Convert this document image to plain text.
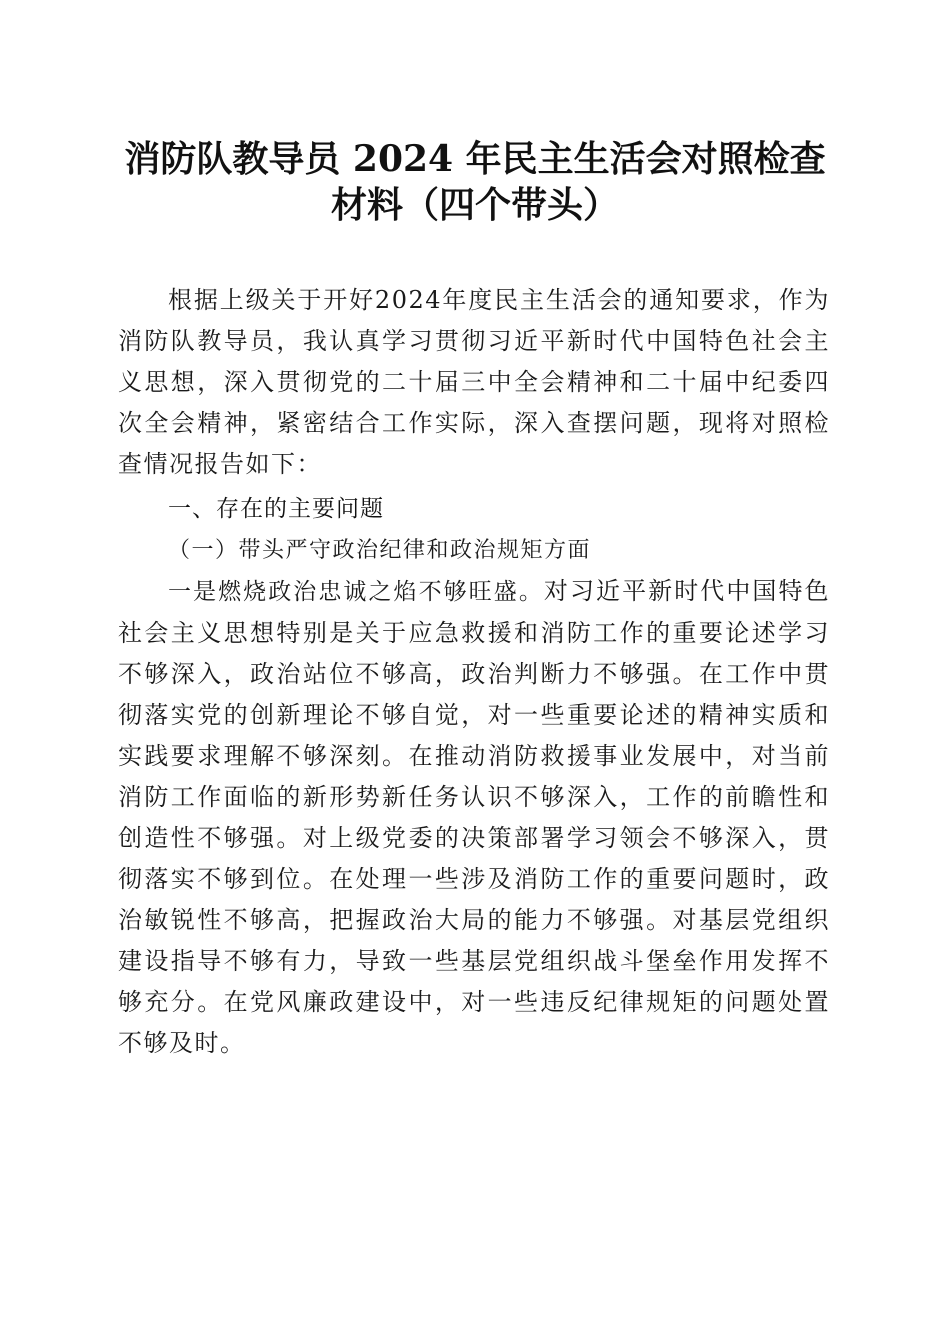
消防队教导员 2024 年民主生活会对照检查材料（四个带头）

根据上级关于开好2024年度民主生活会的通知要求，作为消防队教导员，我认真学习贯彻习近平新时代中国特色社会主义思想，深入贯彻党的二十届三中全会精神和二十届中纪委四次全会精神，紧密结合工作实际，深入查摆问题，现将对照检查情况报告如下：

一、存在的主要问题

（一）带头严守政治纪律和政治规矩方面

一是燃烧政治忠诚之焰不够旺盛。对习近平新时代中国特色社会主义思想特别是关于应急救援和消防工作的重要论述学习不够深入，政治站位不够高，政治判断力不够强。在工作中贯彻落实党的创新理论不够自觉，对一些重要论述的精神实质和实践要求理解不够深刻。在推动消防救援事业发展中，对当前消防工作面临的新形势新任务认识不够深入，工作的前瞻性和创造性不够强。对上级党委的决策部署学习领会不够深入，贯彻落实不够到位。在处理一些涉及消防工作的重要问题时，政治敏锐性不够高，把握政治大局的能力不够强。对基层党组织建设指导不够有力，导致一些基层党组织战斗堡垒作用发挥不够充分。在党风廉政建设中，对一些违反纪律规矩的问题处置不够及时。
